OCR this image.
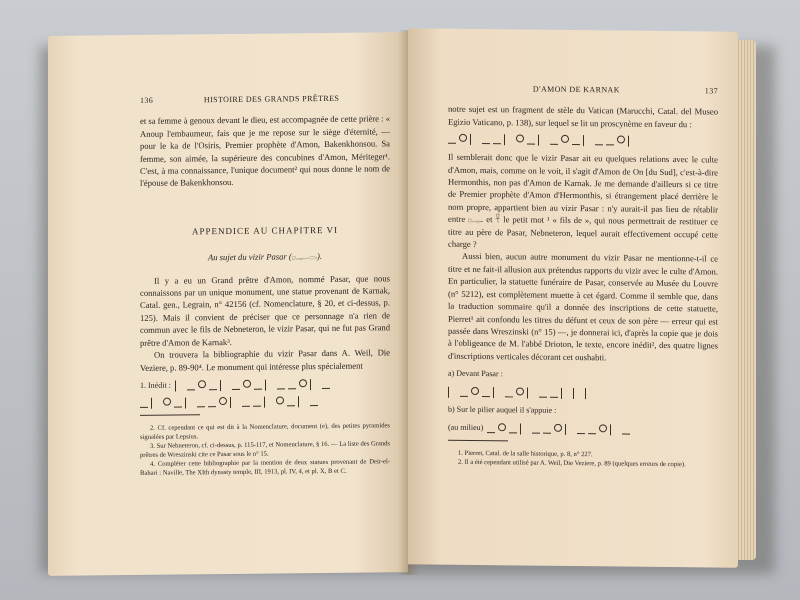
136	HISTOIRE DES GRANDS PRÊTRES

et sa femme à genoux devant le dieu, est accompagnée de cette prière : « Anoup l'embaumeur, fais que je me repose sur le siège d'éternité, — pour le ka de l'Osiris, Premier prophète d'Amon, Bakenkhonsou. Sa femme, son aimée, la supérieure des concubines d'Amon, Mériteger¹. C'est, à ma connaissance, l'unique document² qui nous donne le nom de l'épouse de Bakenkhonsou.

APPENDICE AU CHAPITRE VI
Au sujet du vizir Pasar (𓊪𓊃𓂋).

Il y a eu un Grand prêtre d'Amon, nommé Pasar, que nous connaissons par un unique monument, une statue provenant de Karnak, Catal. gen., Legrain, n° 42156 (cf. Nomenclature, § 20, et ci-dessus, p. 125). Mais il convient de préciser que ce personnage n'a rien de commun avec le fils de Nebneteron, le vizir Pasar, qui ne fut pas Grand prêtre d'Amon de Karnak³.

On trouvera la bibliographie du vizir Pasar dans A. Weil, Die Veziere, p. 89-90⁴. Le monument qui intéresse plus spécialement

1. Inédit :

2. Cf. cependant ce qui est dit à la Nomenclature, document (e), des petites pyramides signalées par Lepsius.

3. Sur Nebneteron, cf. ci-dessus, p. 115-117, et Nomenclature, § 16. — La liste des Grands prêtres de Wreszinski cite ce Pasar sous le n° 15.

4. Compléter cette bibliographie par la mention de deux statues provenant de Deir-el-Bahari : Naville, The XIth dynasty temple, III, 1913, pl. IV, 4, et pl. X, B et C.

D'AMON DE KARNAK	137

notre sujet est un fragment de stèle du Vatican (Marucchi, Catal. del Museo Egizio Vaticano, p. 138), sur lequel se lit un proscynème en faveur du :

Il semblerait donc que le vizir Pasar ait eu quelques relations avec le culte d'Amon, mais, comme on le voit, il s'agit d'Amon de On [du Sud], c'est-à-dire Hermonthis, non pas d'Amon de Karnak. Je me demande d'ailleurs si ce titre de Premier prophète d'Amon d'Hermonthis, si étrangement placé derrière le nom propre, appartient bien au vizir Pasar : n'y aurait-il pas lieu de rétablir entre 𓊪𓊃 et 𓋹 le petit mot ¹ « fils de », qui nous permettrait de restituer ce titre au père de Pasar, Nebneteron, lequel aurait effectivement occupé cette charge ?

Aussi bien, aucun autre monument du vizir Pasar ne mentionne-t-il ce titre et ne fait-il allusion aux prétendus rapports du vizir avec le culte d'Amon. En particulier, la statuette funéraire de Pasar, conservée au Musée du Louvre (n° 5212), est complètement muette à cet égard. Comme il semble que, dans la traduction sommaire qu'il a donnée des inscriptions de cette statuette, Pierret¹ ait confondu les titres du défunt et ceux de son père — erreur qui est passée dans Wreszinski (n° 15) —, je donnerai ici, d'après la copie que je dois à l'obligeance de M. l'abbé Drioton, le texte, encore inédit², des quatre lignes d'inscriptions verticales décorant cet oushabti.

a) Devant Pasar :
b) Sur le pilier auquel il s'appuie :
(au milieu)

1. Pierret, Catal. de la salle historique, p. 8, n° 227.

2. Il a été cependant utilisé par A. Weil, Die Veziere, p. 89 (quelques erreurs de copie).
